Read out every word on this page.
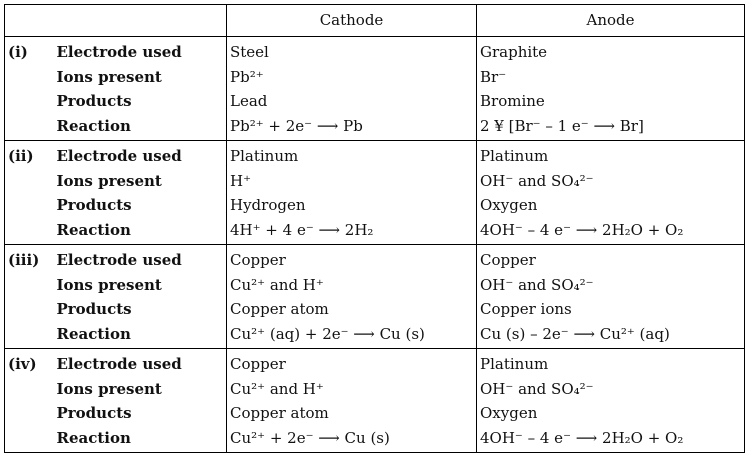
		Cathode	Anode
(i)	Electrode used	Steel	Graphite
	Ions present	Pb²⁺	Br⁻
	Products	Lead	Bromine
	Reaction	Pb²⁺ + 2e⁻ ⟶ Pb	2 ¥ [Br⁻ – 1 e⁻ ⟶ Br]
(ii)	Electrode used	Platinum	Platinum
	Ions present	H⁺	OH⁻ and SO₄²⁻
	Products	Hydrogen	Oxygen
	Reaction	4H⁺ + 4 e⁻ ⟶ 2H₂	4OH⁻ – 4 e⁻ ⟶ 2H₂O + O₂
(iii)	Electrode used	Copper	Copper
	Ions present	Cu²⁺ and H⁺	OH⁻ and SO₄²⁻
	Products	Copper atom	Copper ions
	Reaction	Cu²⁺ (aq) + 2e⁻ ⟶ Cu (s)	Cu (s) – 2e⁻ ⟶ Cu²⁺ (aq)
(iv)	Electrode used	Copper	Platinum
	Ions present	Cu²⁺ and H⁺	OH⁻ and SO₄²⁻
	Products	Copper atom	Oxygen
	Reaction	Cu²⁺ + 2e⁻ ⟶ Cu (s)	4OH⁻ – 4 e⁻ ⟶ 2H₂O + O₂
